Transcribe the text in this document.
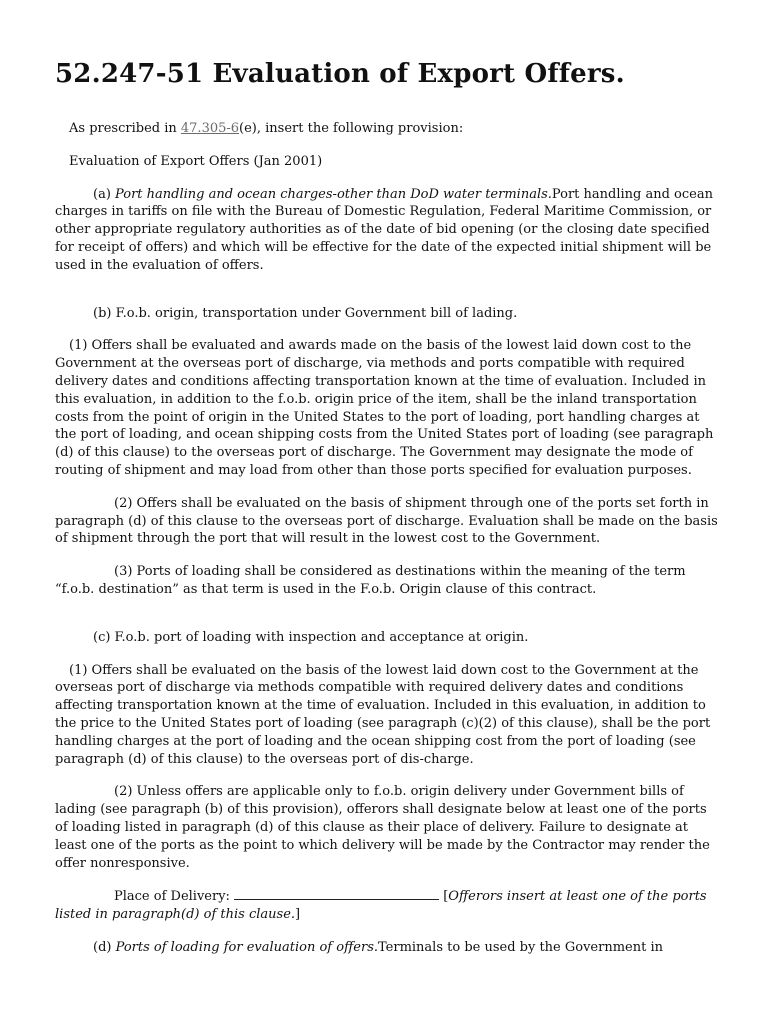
52.247-51 Evaluation of Export Offers.

As prescribed in 47.305-6(e), insert the following provision:

Evaluation of Export Offers (Jan 2001)

(a) Port handling and ocean charges-other than DoD water terminals.Port handling and ocean charges in tariffs on file with the Bureau of Domestic Regulation, Federal Maritime Commission, or other appropriate regulatory authorities as of the date of bid opening (or the closing date specified for receipt of offers) and which will be effective for the date of the expected initial shipment will be used in the evaluation of offers.

(b) F.o.b. origin, transportation under Government bill of lading.

(1) Offers shall be evaluated and awards made on the basis of the lowest laid down cost to the Government at the overseas port of discharge, via methods and ports compatible with required delivery dates and conditions affecting transportation known at the time of evaluation. Included in this evaluation, in addition to the f.o.b. origin price of the item, shall be the inland transportation costs from the point of origin in the United States to the port of loading, port handling charges at the port of loading, and ocean shipping costs from the United States port of loading (see paragraph (d) of this clause) to the overseas port of discharge. The Government may designate the mode of routing of shipment and may load from other than those ports specified for evaluation purposes.

(2) Offers shall be evaluated on the basis of shipment through one of the ports set forth in paragraph (d) of this clause to the overseas port of discharge. Evaluation shall be made on the basis of shipment through the port that will result in the lowest cost to the Government.

(3) Ports of loading shall be considered as destinations within the meaning of the term “f.o.b. destination” as that term is used in the F.o.b. Origin clause of this contract.

(c) F.o.b. port of loading with inspection and acceptance at origin.

(1) Offers shall be evaluated on the basis of the lowest laid down cost to the Government at the overseas port of discharge via methods compatible with required delivery dates and conditions affecting transportation known at the time of evaluation. Included in this evaluation, in addition to the price to the United States port of loading (see paragraph (c)(2) of this clause), shall be the port handling charges at the port of loading and the ocean shipping cost from the port of loading (see paragraph (d) of this clause) to the overseas port of dis-charge.

(2) Unless offers are applicable only to f.o.b. origin delivery under Government bills of lading (see paragraph (b) of this provision), offerors shall designate below at least one of the ports of loading listed in paragraph (d) of this clause as their place of delivery. Failure to designate at least one of the ports as the point to which delivery will be made by the Contractor may render the offer nonresponsive.

Place of Delivery:	[Offerors insert at least one of the ports listed in paragraph(d) of this clause.]

(d) Ports of loading for evaluation of offers.Terminals to be used by the Government in
